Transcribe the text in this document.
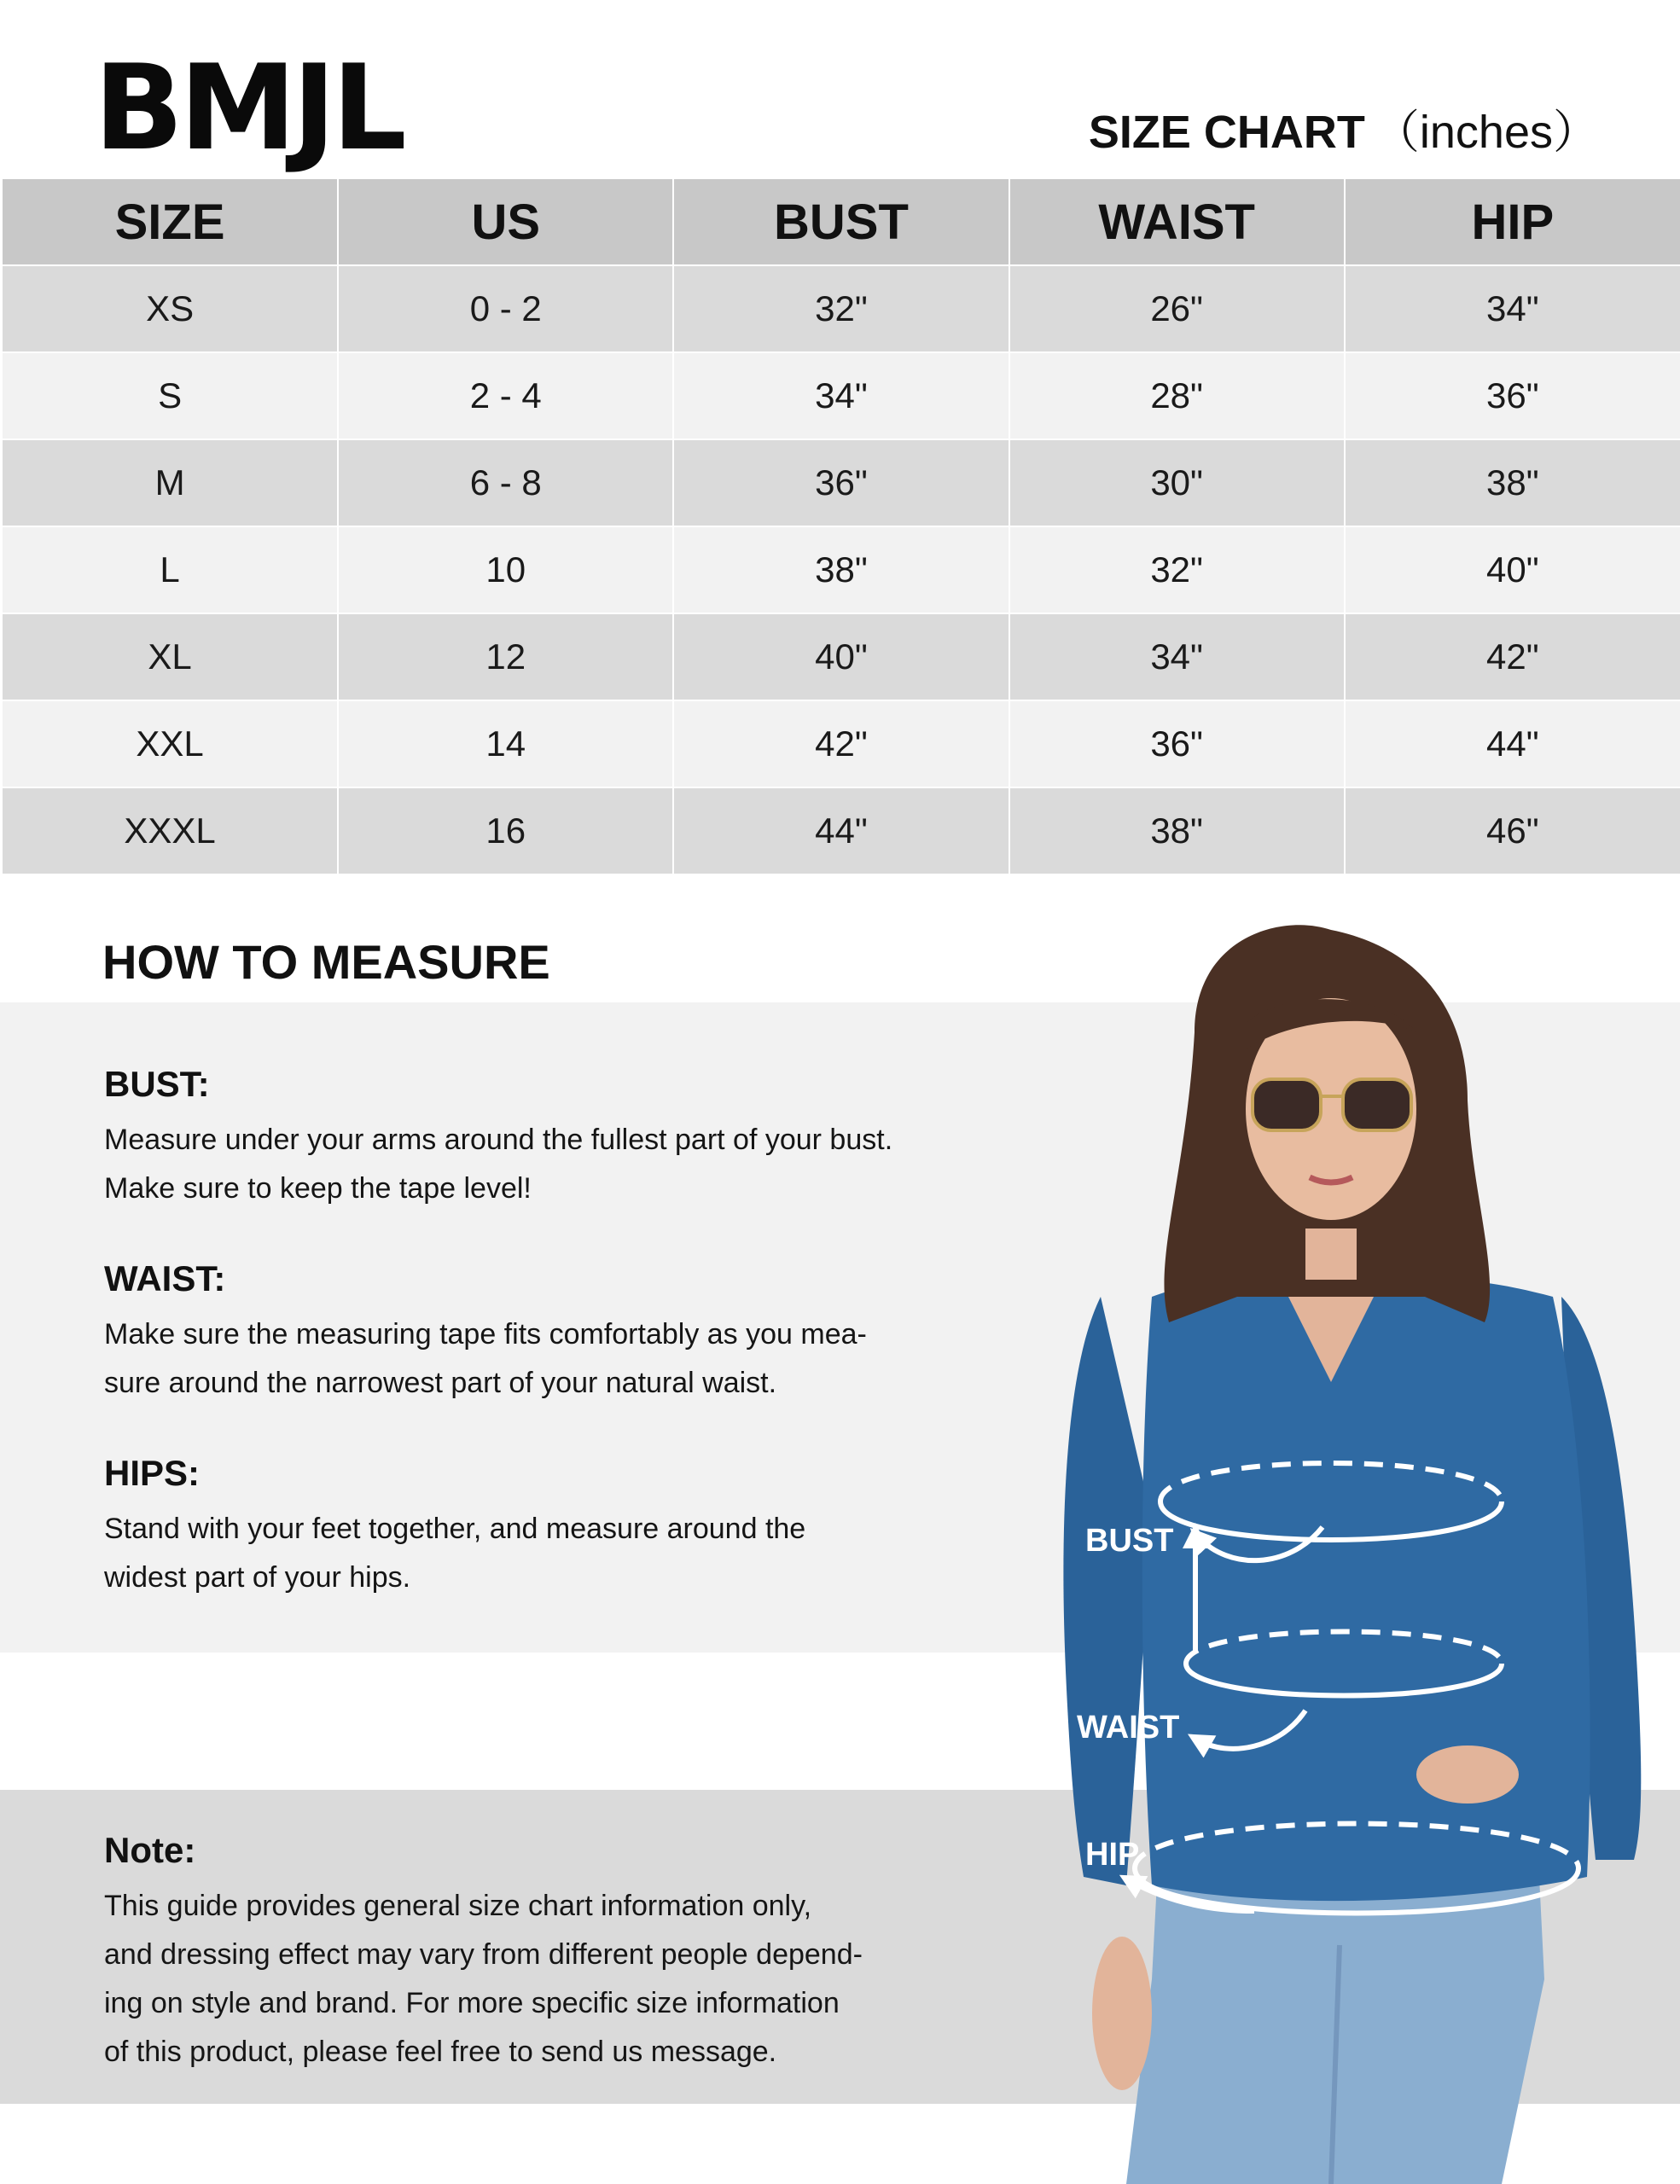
BMJL	SIZE CHART （inches）
SIZE	US	BUST	WAIST	HIP
XS	0 - 2	32"	26"	34"
S	2 - 4	34"	28"	36"
M	6 - 8	36"	30"	38"
L	10	38"	32"	40"
XL	12	40"	34"	42"
XXL	14	42"	36"	44"
XXXL	16	44"	38"	46"
HOW TO MEASURE
BUST:

Measure under your arms around the fullest part of your bust.

Make sure to keep the tape level!

WAIST:

Make sure the measuring tape fits comfortably as you mea-

sure around the narrowest part of your natural waist.

HIPS:

Stand with your feet together, and measure around the

widest part of your hips.

Note:

This guide provides general size chart information only,

and dressing effect may vary from different people depend-

ing on style and brand. For more specific size information

of this product, please feel free to send us message.

BUST
WAIST
HIP
